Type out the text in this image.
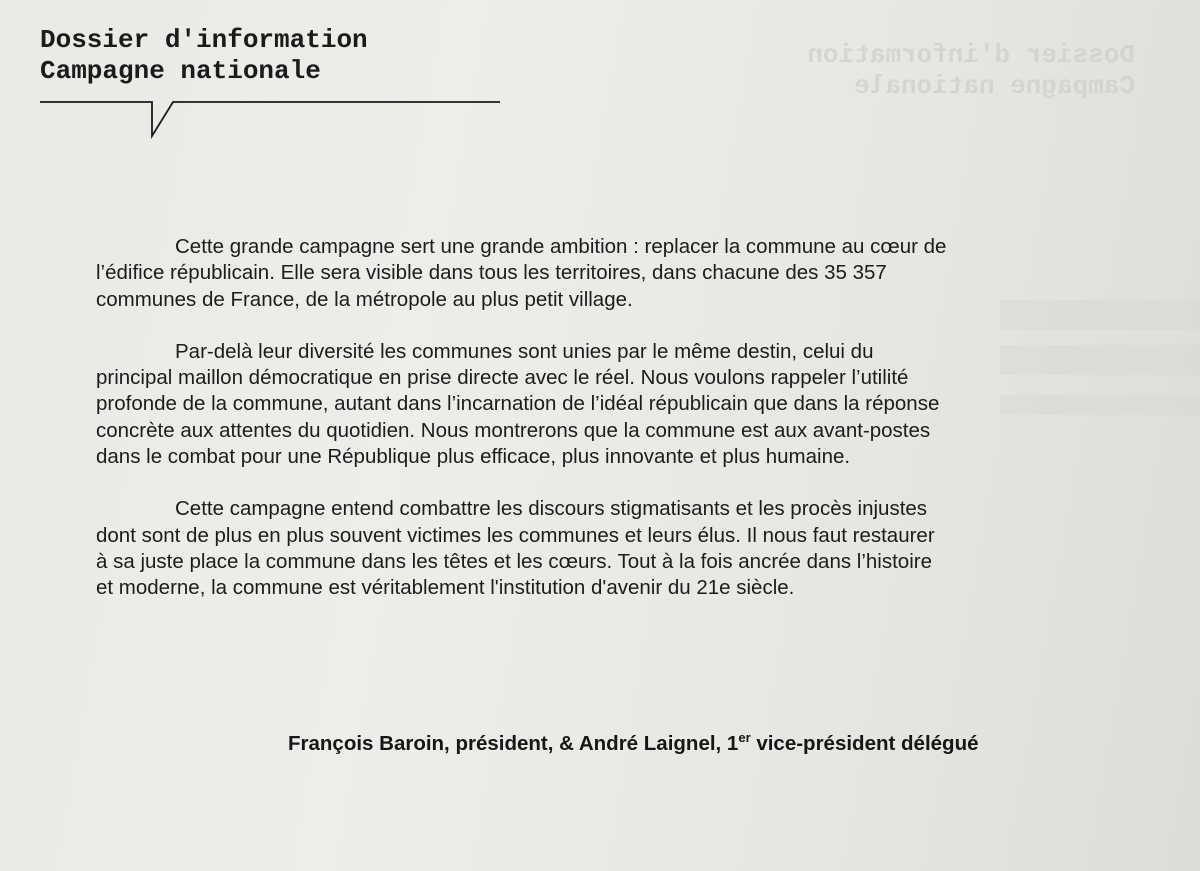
Dossier d'information
Campagne nationale
Dossier d'information
Campagne nationale
Cette grande campagne sert une grande ambition : replacer la commune au cœur de
l’édifice républicain. Elle sera visible dans tous les territoires, dans chacune des 35 357
communes de France, de la métropole au plus petit village.
Par-delà leur diversité les communes sont unies par le même destin, celui du
principal maillon démocratique en prise directe avec le réel. Nous voulons rappeler l’utilité
profonde de la commune, autant dans l’incarnation de l’idéal républicain que dans la réponse
concrète aux attentes du quotidien. Nous montrerons que la commune est aux avant-postes
dans le combat pour une République plus efficace, plus innovante et plus humaine.
Cette campagne entend combattre les discours stigmatisants et les procès injustes
dont sont de plus en plus souvent victimes les communes et leurs élus. Il nous faut restaurer
à sa juste place la commune dans les têtes et les cœurs. Tout à la fois ancrée dans l’histoire
et moderne, la commune est véritablement l'institution d'avenir du 21e siècle.
François Baroin, président, & André Laignel, 1er vice-président délégué
